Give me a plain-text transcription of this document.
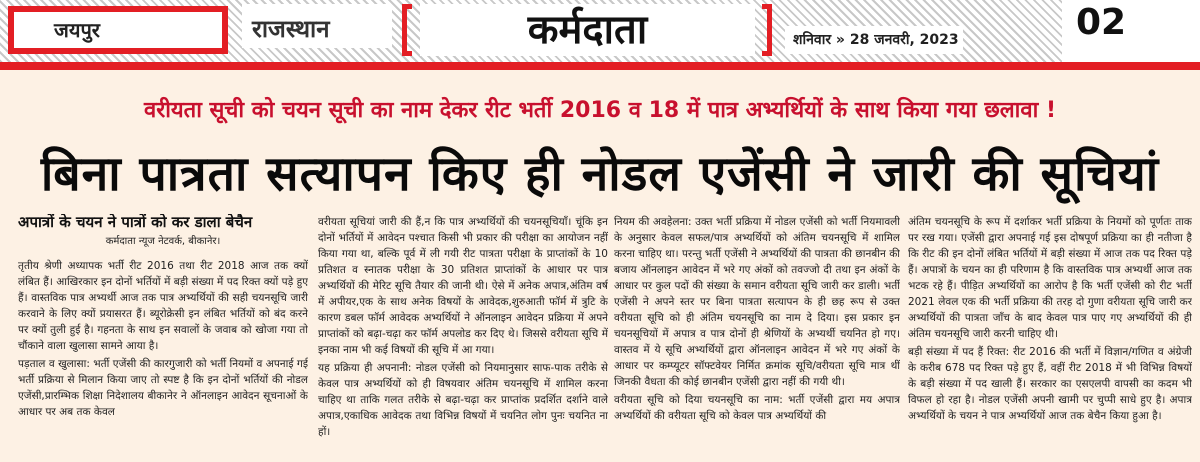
जयपुर	राजस्थान	कर्मदाता	शनिवार » 28 जनवरी, 2023	02
वरीयता सूची को चयन सूची का नाम देकर रीट भर्ती 2016 व 18 में पात्र अभ्यर्थियों के साथ किया गया छलावा !
बिना पात्रता सत्यापन किए ही नोडल एजेंसी ने जारी की सूचियां
अपात्रों के चयन ने पात्रों को कर डाला बेचैन
कर्मदाता न्यूज नेटवर्क, बीकानेर।

तृतीय श्रेणी अध्यापक भर्ती रीट 2016 तथा रीट 2018 आज तक क्यों लंबित हैं। आखिरकार इन दोनों भर्तियों में बड़ी संख्या में पद रिक्त क्यों पड़े हुए हैं। वास्तविक पात्र अभ्यर्थी आज तक पात्र अभ्यर्थियों की सही चयनसूचि जारी करवाने के लिए क्यों प्रयासरत हैं। ब्यूरोक्रेसी इन लंबित भर्तियों को बंद करने पर क्यों तुली हुई है। गहनता के साथ इन सवालों के जवाब को खोजा गया तो चौंकाने वाला खुलासा सामने आया है।

पड़ताल व खुलासा: भर्ती एजेंसी की कारगुजारी को भर्ती नियमों व अपनाई गई भर्ती प्रक्रिया से मिलान किया जाए तो स्पष्ट है कि इन दोनों भर्तियों की नोडल एजेंसी,प्रारम्भिक शिक्षा निदेशालय बीकानेर ने ऑनलाइन आवेदन सूचनाओं के आधार पर अब तक केवल

वरीयता सूचियां जारी की हैं,न कि पात्र अभ्यर्थियों की चयनसूचियाँ। चूंकि इन दोनों भर्तियों में आवेदन पश्चात किसी भी प्रकार की परीक्षा का आयोजन नहीं किया गया था, बल्कि पूर्व में ली गयी रीट पात्रता परीक्षा के प्राप्तांकों के 10 प्रतिशत व स्नातक परीक्षा के 30 प्रतिशत प्राप्तांकों के आधार पर पात्र अभ्यर्थियों की मेरिट सूचि तैयार की जानी थी। ऐसे में अनेक अपात्र,अंतिम वर्ष में अपीयर,एक के साथ अनेक विषयों के आवेदक,शुरुआती फॉर्म में त्रुटि के कारण डबल फॉर्म आवेदक अभ्यर्थियों ने ऑनलाइन आवेदन प्रक्रिया में अपने प्राप्तांकों को बढ़ा-चढ़ा कर फॉर्म अपलोड कर दिए थे। जिससे वरीयता सूचि में इनका नाम भी कई विषयों की सूचि में आ गया।

यह प्रक्रिया ही अपनानी: नोडल एजेंसी को नियमानुसार साफ-पाक तरीके से केवल पात्र अभ्यर्थियों को ही विषयवार अंतिम चयनसूचि में शामिल करना चाहिए था ताकि गलत तरीके से बढ़ा-चढ़ा कर प्राप्तांक प्रदर्शित दर्शाने वाले अपात्र,एकाधिक आवेदक तथा विभिन्न विषयों में चयनित लोग पुनः चयनित ना हों।

नियम की अवहेलना: उक्त भर्ती प्रक्रिया में नोडल एजेंसी को भर्ती नियमावली के अनुसार केवल सफल/पात्र अभ्यर्थियों को अंतिम चयनसूचि में शामिल करना चाहिए था। परन्तु भर्ती एजेंसी ने अभ्यर्थियों की पात्रता की छानबीन की बजाय ऑनलाइन आवेदन में भरे गए अंकों को तवज्जो दी तथा इन अंकों के आधार पर कुल पदों की संख्या के समान वरीयता सूचि जारी कर डाली। भर्ती एजेंसी ने अपने स्तर पर बिना पात्रता सत्यापन के ही छह रूप से उक्त वरीयता सूचि को ही अंतिम चयनसूचि का नाम दे दिया। इस प्रकार इन चयनसूचियों में अपात्र व पात्र दोनों ही श्रेणियों के अभ्यर्थी चयनित हो गए। वास्तव में ये सूचि अभ्यर्थियों द्वारा ऑनलाइन आवेदन में भरे गए अंकों के आधार पर कम्प्यूटर सॉफ्टवेयर निर्मित क्रमांक सूचि/वरीयता सूचि मात्र थीं जिनकी वैधता की कोई छानबीन एजेंसी द्वारा नहीं की गयी थी।

वरीयता सूचि को दिया चयनसूचि का नाम: भर्ती एजेंसी द्वारा मय अपात्र अभ्यर्थियों की वरीयता सूचि को केवल पात्र अभ्यर्थियों की

अंतिम चयनसूचि के रूप में दर्शाकर भर्ती प्रक्रिया के नियमों को पूर्णतः ताक पर रख गया। एजेंसी द्वारा अपनाई गई इस दोषपूर्ण प्रक्रिया का ही नतीजा है कि रीट की इन दोनों लंबित भर्तियों में बड़ी संख्या में आज तक पद रिक्त पड़े हैं। अपात्रों के चयन का ही परिणाम है कि वास्तविक पात्र अभ्यर्थी आज तक भटक रहे हैं। पीड़ित अभ्यर्थियों का आरोप है कि भर्ती एजेंसी को रीट भर्ती 2021 लेवल एक की भर्ती प्रक्रिया की तरह दो गुणा वरीयता सूचि जारी कर अभ्यर्थियों की पात्रता जाँच के बाद केवल पात्र पाए गए अभ्यर्थियों की ही अंतिम चयनसूचि जारी करनी चाहिए थी।

बड़ी संख्या में पद हैं रिक्त: रीट 2016 की भर्ती में विज्ञान/गणित व अंग्रेजी के करीब 678 पद रिक्त पड़े हुए हैं, वहीं रीट 2018 में भी विभिन्न विषयों के बड़ी संख्या में पद खाली हैं। सरकार का एसएलपी वापसी का कदम भी विफल हो रहा है। नोडल एजेंसी अपनी खामी पर चुप्पी साधे हुए है। अपात्र अभ्यर्थियों के चयन ने पात्र अभ्यर्थियों आज तक बेचैन किया हुआ है।
